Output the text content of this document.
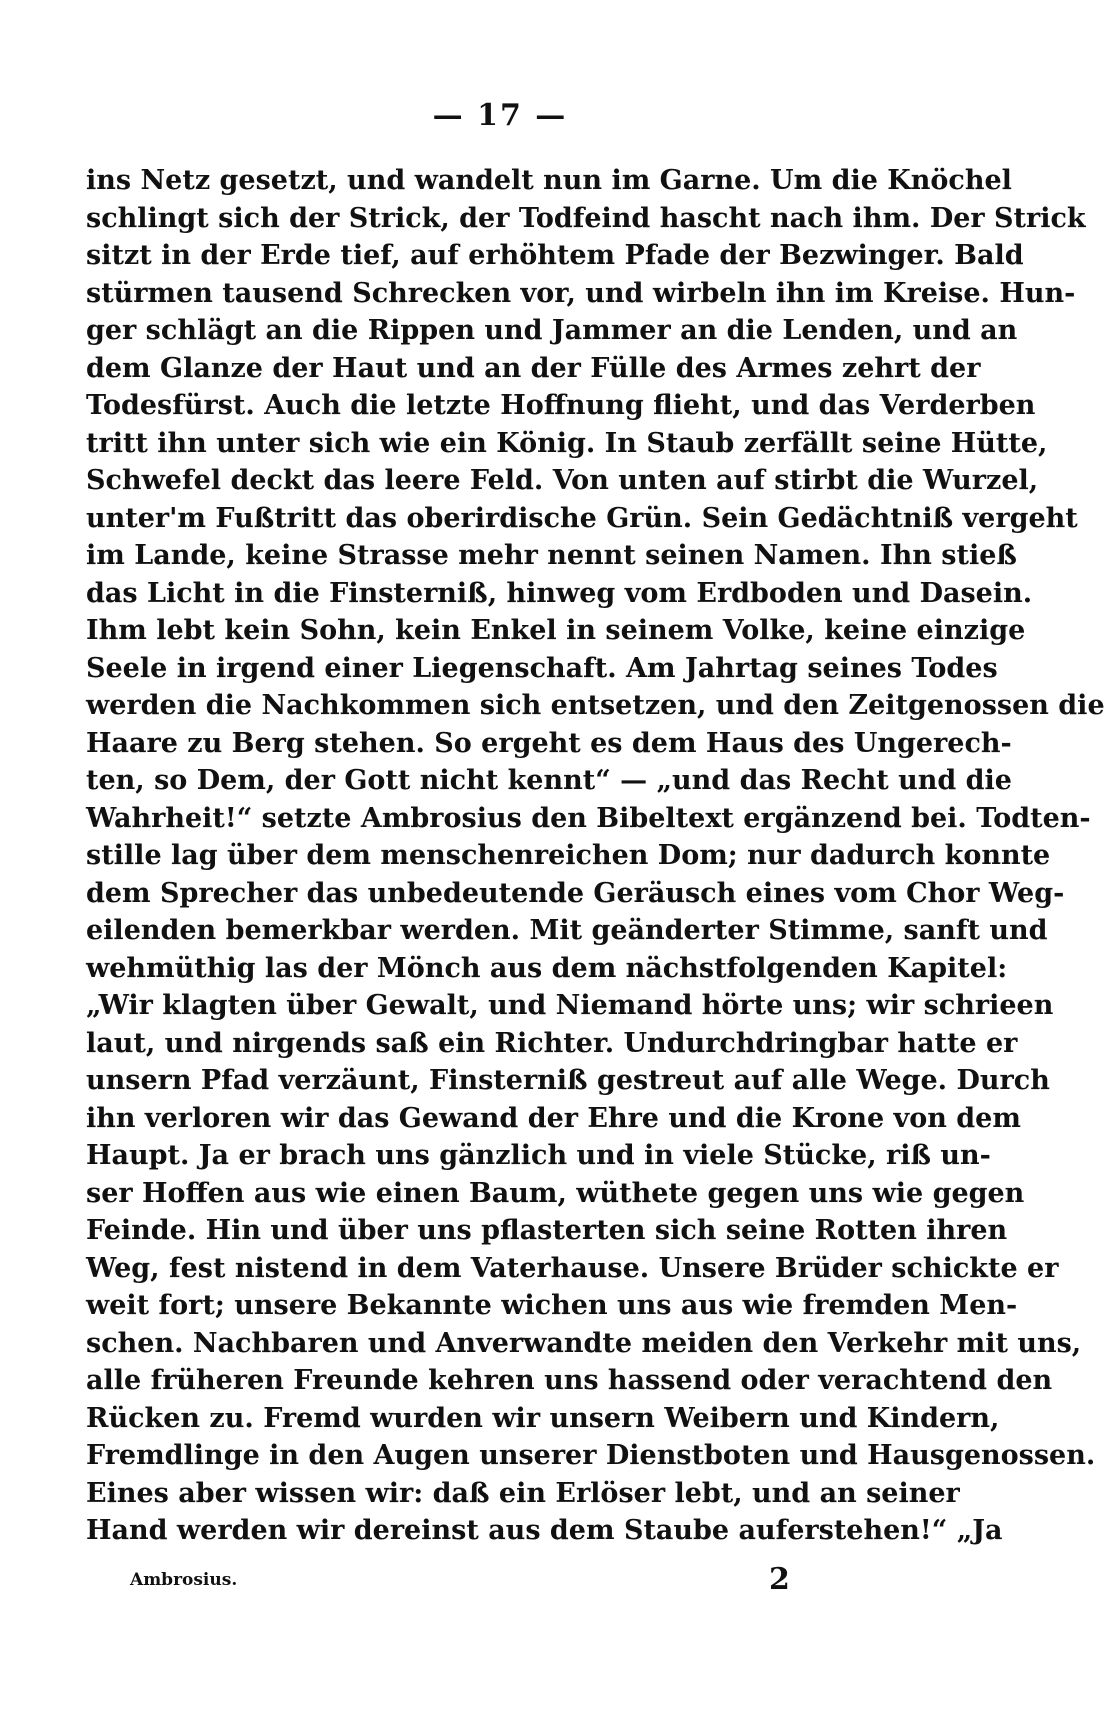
— 17 —
ins Netz gesetzt, und wandelt nun im Garne. Um die Knöchel
schlingt sich der Strick, der Todfeind hascht nach ihm. Der Strick
sitzt in der Erde tief, auf erhöhtem Pfade der Bezwinger. Bald
stürmen tausend Schrecken vor, und wirbeln ihn im Kreise. Hun-
ger schlägt an die Rippen und Jammer an die Lenden, und an
dem Glanze der Haut und an der Fülle des Armes zehrt der
Todesfürst. Auch die letzte Hoffnung flieht, und das Verderben
tritt ihn unter sich wie ein König. In Staub zerfällt seine Hütte,
Schwefel deckt das leere Feld. Von unten auf stirbt die Wurzel,
unter'm Fußtritt das oberirdische Grün. Sein Gedächtniß vergeht
im Lande, keine Strasse mehr nennt seinen Namen. Ihn stieß
das Licht in die Finsterniß, hinweg vom Erdboden und Dasein.
Ihm lebt kein Sohn, kein Enkel in seinem Volke, keine einzige
Seele in irgend einer Liegenschaft. Am Jahrtag seines Todes
werden die Nachkommen sich entsetzen, und den Zeitgenossen die
Haare zu Berg stehen. So ergeht es dem Haus des Ungerech-
ten, so Dem, der Gott nicht kennt“ — „und das Recht und die
Wahrheit!“ setzte Ambrosius den Bibeltext ergänzend bei. Todten-
stille lag über dem menschenreichen Dom; nur dadurch konnte
dem Sprecher das unbedeutende Geräusch eines vom Chor Weg-
eilenden bemerkbar werden. Mit geänderter Stimme, sanft und
wehmüthig las der Mönch aus dem nächstfolgenden Kapitel:
„Wir klagten über Gewalt, und Niemand hörte uns; wir schrieen
laut, und nirgends saß ein Richter. Undurchdringbar hatte er
unsern Pfad verzäunt, Finsterniß gestreut auf alle Wege. Durch
ihn verloren wir das Gewand der Ehre und die Krone von dem
Haupt. Ja er brach uns gänzlich und in viele Stücke, riß un-
ser Hoffen aus wie einen Baum, wüthete gegen uns wie gegen
Feinde. Hin und über uns pflasterten sich seine Rotten ihren
Weg, fest nistend in dem Vaterhause. Unsere Brüder schickte er
weit fort; unsere Bekannte wichen uns aus wie fremden Men-
schen. Nachbaren und Anverwandte meiden den Verkehr mit uns,
alle früheren Freunde kehren uns hassend oder verachtend den
Rücken zu. Fremd wurden wir unsern Weibern und Kindern,
Fremdlinge in den Augen unserer Dienstboten und Hausgenossen.
Eines aber wissen wir: daß ein Erlöser lebt, und an seiner
Hand werden wir dereinst aus dem Staube auferstehen!“ „Ja
Ambrosius.	2
